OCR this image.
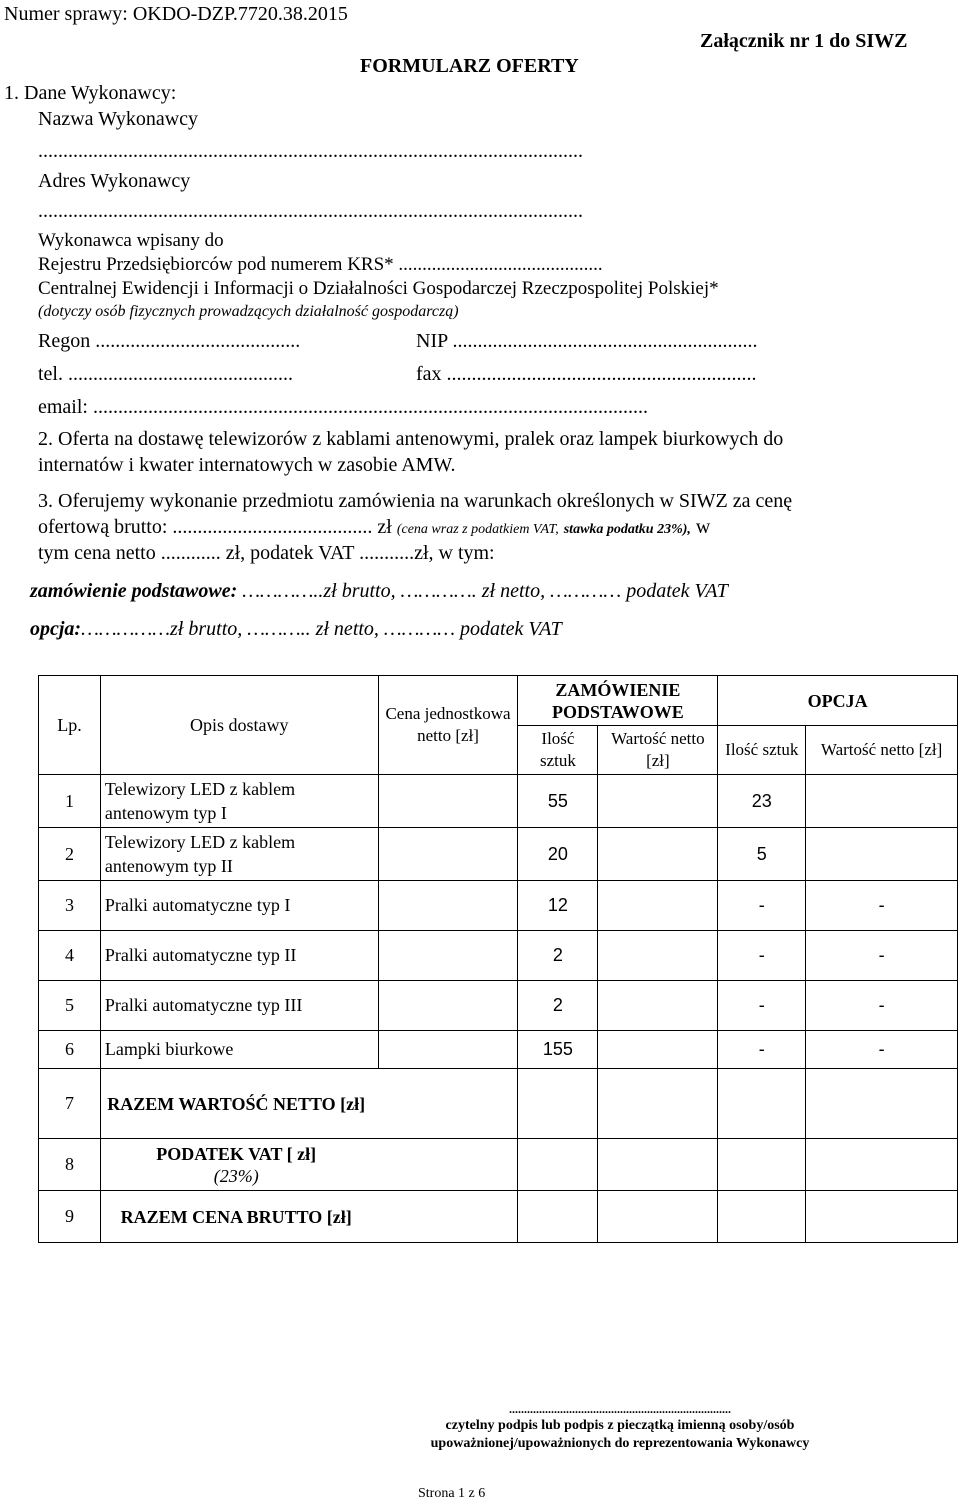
Numer sprawy: OKDO-DZP.7720.38.2015
Załącznik nr 1 do SIWZ
FORMULARZ OFERTY
1. Dane Wykonawcy:
Nazwa Wykonawcy
.............................................................................................................
Adres Wykonawcy
.............................................................................................................
Wykonawca wpisany do
Rejestru Przedsiębiorców pod numerem KRS* ...........................................
Centralnej Ewidencji i Informacji o Działalności Gospodarczej Rzeczpospolitej Polskiej*
(dotyczy osób fizycznych prowadzących działalność gospodarczą)
Regon .........................................	NIP .............................................................
tel. .............................................	fax ..............................................................
email: ...............................................................................................................
2. Oferta na dostawę telewizorów z kablami antenowymi, pralek oraz lampek biurkowych do
internatów i kwater internatowych w zasobie AMW.
3. Oferujemy wykonanie przedmiotu zamówienia na warunkach określonych w SIWZ za cenę
ofertową brutto: ........................................ zł (cena wraz z podatkiem VAT, stawka podatku 23%), w
tym cena netto ............ zł, podatek VAT ...........zł, w tym:
zamówienie podstawowe: …………..zł brutto, …………. zł netto, ………… podatek VAT
opcja:……………zł brutto, ……….. zł netto, ………… podatek VAT
Lp.	Opis dostawy	Cena jednostkowa netto [zł]	ZAMÓWIENIE PODSTAWOWE		OPCJA	
			Ilość sztuk	Wartość netto [zł]	Ilość sztuk	Wartość netto [zł]
1	Telewizory LED z kablem antenowym typ I		55		23	
2	Telewizory LED z kablem antenowym typ II		20		5	
3	Pralki automatyczne typ I		12		-	-
4	Pralki automatyczne typ II		2		-	-
5	Pralki automatyczne typ III		2		-	-
6	Lampki biurkowe		155		-	-
7	RAZEM WARTOŚĆ NETTO [zł]					
8	PODATEK VAT [ zł]
(23%)					

9	RAZEM CENA BRUTTO [zł]					
..........................................................................
czytelny podpis lub podpis z pieczątką imienną osoby/osób
upoważnionej/upoważnionych do reprezentowania Wykonawcy
Strona 1 z 6
